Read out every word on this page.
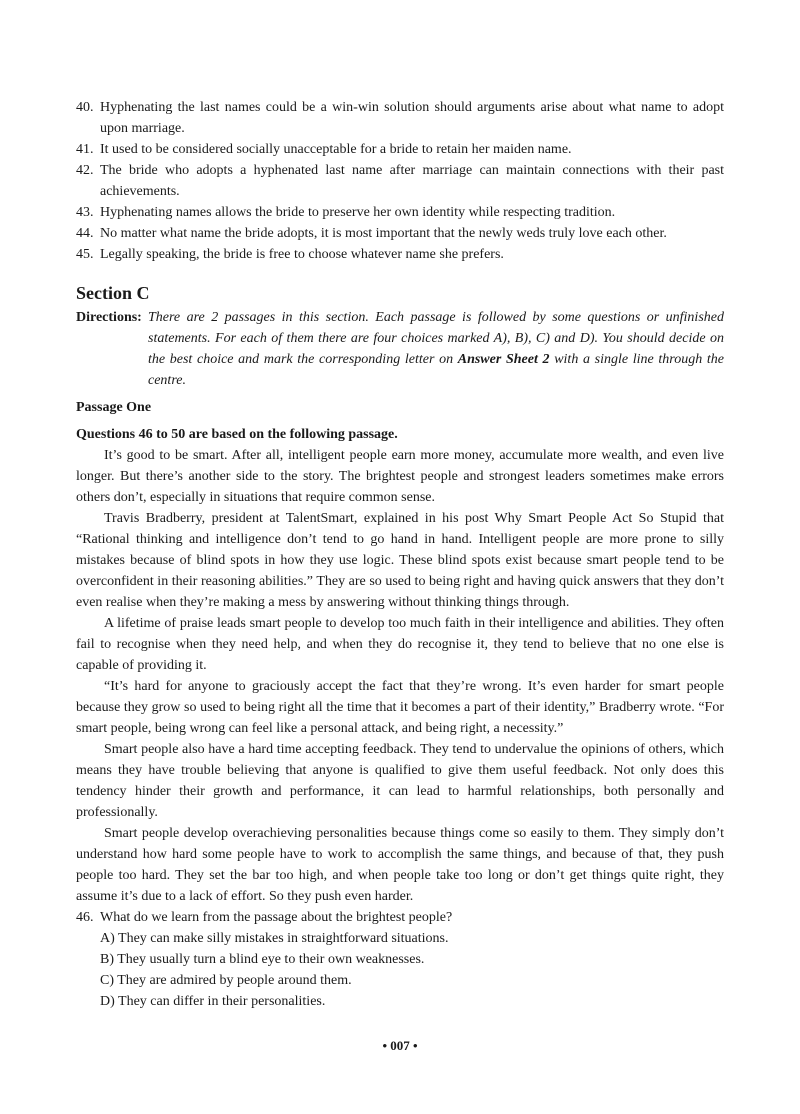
40. Hyphenating the last names could be a win-win solution should arguments arise about what name to adopt upon marriage.
41. It used to be considered socially unacceptable for a bride to retain her maiden name.
42. The bride who adopts a hyphenated last name after marriage can maintain connections with their past achievements.
43. Hyphenating names allows the bride to preserve her own identity while respecting tradition.
44. No matter what name the bride adopts, it is most important that the newly weds truly love each other.
45. Legally speaking, the bride is free to choose whatever name she prefers.
Section C
Directions: There are 2 passages in this section. Each passage is followed by some questions or unfinished statements. For each of them there are four choices marked A), B), C) and D). You should decide on the best choice and mark the corresponding letter on Answer Sheet 2 with a single line through the centre.
Passage One
Questions 46 to 50 are based on the following passage.
It’s good to be smart. After all, intelligent people earn more money, accumulate more wealth, and even live longer. But there’s another side to the story. The brightest people and strongest leaders sometimes make errors others don’t, especially in situations that require common sense.
Travis Bradberry, president at TalentSmart, explained in his post Why Smart People Act So Stupid that “Rational thinking and intelligence don’t tend to go hand in hand. Intelligent people are more prone to silly mistakes because of blind spots in how they use logic. These blind spots exist because smart people tend to be overconfident in their reasoning abilities.” They are so used to being right and having quick answers that they don’t even realise when they’re making a mess by answering without thinking things through.
A lifetime of praise leads smart people to develop too much faith in their intelligence and abilities. They often fail to recognise when they need help, and when they do recognise it, they tend to believe that no one else is capable of providing it.
“It’s hard for anyone to graciously accept the fact that they’re wrong. It’s even harder for smart people because they grow so used to being right all the time that it becomes a part of their identity,” Bradberry wrote. “For smart people, being wrong can feel like a personal attack, and being right, a necessity.”
Smart people also have a hard time accepting feedback. They tend to undervalue the opinions of others, which means they have trouble believing that anyone is qualified to give them useful feedback. Not only does this tendency hinder their growth and performance, it can lead to harmful relationships, both personally and professionally.
Smart people develop overachieving personalities because things come so easily to them. They simply don’t understand how hard some people have to work to accomplish the same things, and because of that, they push people too hard. They set the bar too high, and when people take too long or don’t get things quite right, they assume it’s due to a lack of effort. So they push even harder.
46. What do we learn from the passage about the brightest people?
A) They can make silly mistakes in straightforward situations.
B) They usually turn a blind eye to their own weaknesses.
C) They are admired by people around them.
D) They can differ in their personalities.
• 007 •
